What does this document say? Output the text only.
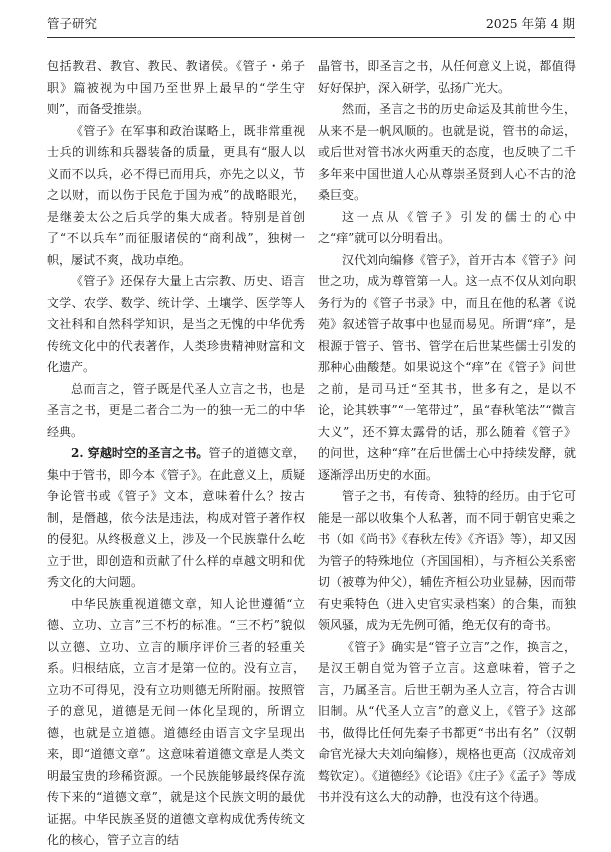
管子研究	2025 年第 4 期

包括教君、教官、教民、教诸侯。《管子・弟子职》篇被视为中国乃至世界上最早的“学生守则”，而备受推崇。

《管子》在军事和政治谋略上，既非常重视士兵的训练和兵器装备的质量，更具有“服人以义而不以兵，必不得已而用兵，亦先之以义，节之以财，而以伤于民危于国为戒”的战略眼光，是继姜太公之后兵学的集大成者。特别是首创了“不以兵车”而征服诸侯的“商利战”，独树一帜，屡试不爽，战功卓绝。

《管子》还保存大量上古宗教、历史、语言文学、农学、数学、统计学、土壤学、医学等人文社科和自然科学知识，是当之无愧的中华优秀传统文化中的代表著作，人类珍贵精神财富和文化遗产。

总而言之，管子既是代圣人立言之书，也是圣言之书，更是二者合二为一的独一无二的中华经典。

2. 穿越时空的圣言之书。管子的道德文章，集中于管书，即今本《管子》。在此意义上，质疑争论管书或《管子》文本，意味着什么？按古制，是僭越，依今法是违法，构成对管子著作权的侵犯。从终极意义上，涉及一个民族靠什么屹立于世，即创造和贡献了什么样的卓越文明和优秀文化的大问题。

中华民族重视道德文章，知人论世遵循“立德、立功、立言”三不朽的标准。“三不朽”貌似以立德、立功、立言的顺序评价三者的轻重关系。归根结底，立言才是第一位的。没有立言，立功不可得见，没有立功则德无所附丽。按照管子的意见，道德是无间一体化呈现的，所谓立德，也就是立道德。道德经由语言文字呈现出来，即“道德文章”。这意味着道德文章是人类文明最宝贵的珍稀资源。一个民族能够最终保存流传下来的“道德文章”，就是这个民族文明的最优证据。中华民族圣贤的道德文章构成优秀传统文化的核心，管子立言的结

晶管书，即圣言之书，从任何意义上说，都值得好好保护，深入研学，弘扬广光大。

然而，圣言之书的历史命运及其前世今生，从来不是一帆风顺的。也就是说，管书的命运，或后世对管书冰火两重天的态度，也反映了二千多年来中国世道人心从尊崇圣贤到人心不古的沧桑巨变。

这一点从《管子》引发的儒士的心中之“痒”就可以分明看出。

汉代刘向编修《管子》，首开古本《管子》问世之功，成为尊管第一人。这一点不仅从刘向职务行为的《管子书录》中，而且在他的私著《说苑》叙述管子故事中也显而易见。所谓“痒”，是根源于管子、管书、管学在后世某些儒士引发的那种心曲酸楚。如果说这个“痒”在《管子》问世之前，是司马迁“至其书，世多有之，是以不论，论其轶事”“一笔带过”，虽“春秋笔法”“微言大义”，还不算太露骨的话，那么随着《管子》的问世，这种“痒”在后世儒士心中持续发酵，就逐渐浮出历史的水面。

管子之书，有传奇、独特的经历。由于它可能是一部以收集个人私著，而不同于朝官史乘之书（如《尚书》《春秋左传》《齐语》等），却又因为管子的特殊地位（齐国国相），与齐桓公关系密切（被尊为仲父），辅佐齐桓公功业显赫，因而带有史乘特色（进入史官实录档案）的合集，而独领风骚，成为无先例可循，绝无仅有的奇书。

《管子》确实是“管子立言”之作，换言之，是汉王朝自觉为管子立言。这意味着，管子之言，乃属圣言。后世王朝为圣人立言，符合古训旧制。从“代圣人立言”的意义上，《管子》这部书，做得比任何先秦子书都更“书出有名”（汉朝命官光禄大夫刘向编修），规格也更高（汉成帝刘骜钦定）。《道德经》《论语》《庄子》《孟子》等成书并没有这么大的动静，也没有这个待遇。
